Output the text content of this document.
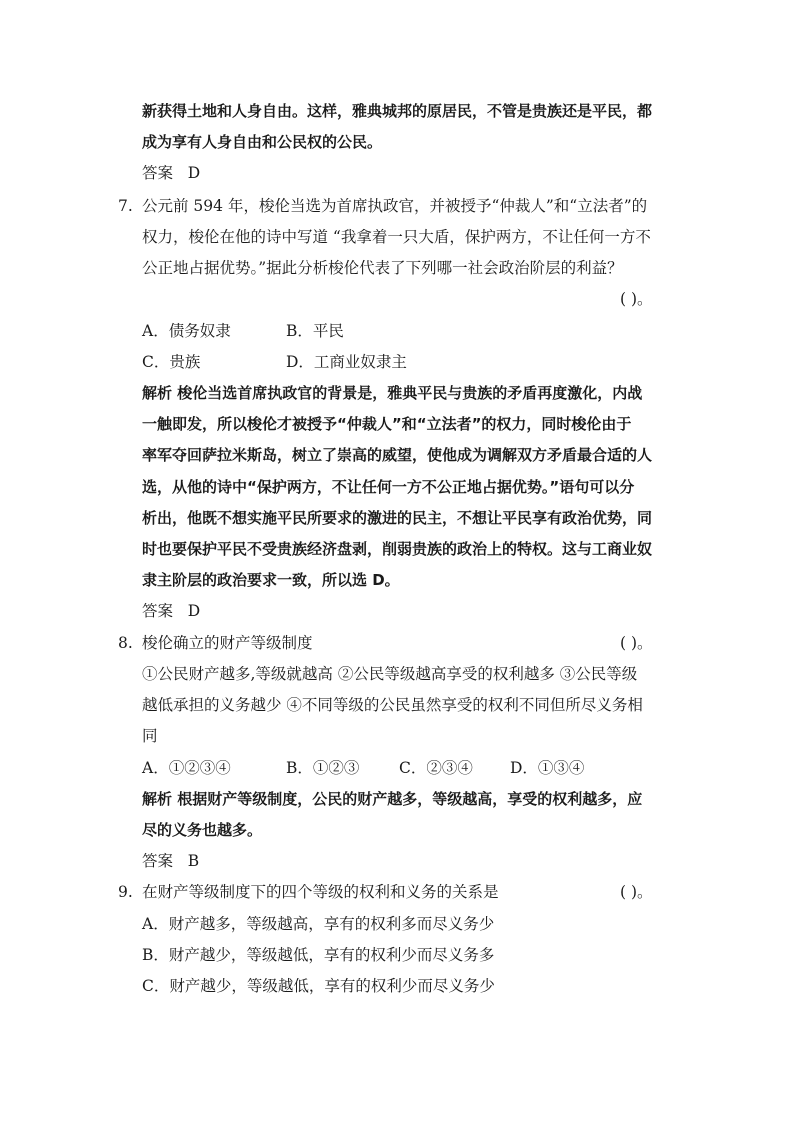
新获得土地和人身自由。这样，雅典城邦的原居民，不管是贵族还是平民，都
成为享有人身自由和公民权的公民。
答案 D
7. 公元前 594 年，梭伦当选为首席执政官，并被授予“仲裁人”和“立法者”的
权力，梭伦在他的诗中写道 “我拿着一只大盾，保护两方，不让任何一方不
公正地占据优势。”据此分析梭伦代表了下列哪一社会政治阶层的利益？
( )。
A．债务奴隶	B．平民
C．贵族	D．工商业奴隶主
解析 梭伦当选首席执政官的背景是，雅典平民与贵族的矛盾再度激化，内战
一触即发，所以梭伦才被授予“仲裁人”和“立法者”的权力，同时梭伦由于
率军夺回萨拉米斯岛，树立了崇高的威望，使他成为调解双方矛盾最合适的人
选，从他的诗中“保护两方，不让任何一方不公正地占据优势。”语句可以分
析出，他既不想实施平民所要求的激进的民主，不想让平民享有政治优势，同
时也要保护平民不受贵族经济盘剥，削弱贵族的政治上的特权。这与工商业奴
隶主阶层的政治要求一致，所以选 D。
答案 D
8. 梭伦确立的财产等级制度	( )。
①公民财产越多,等级就越高 ②公民等级越高享受的权利越多 ③公民等级
越低承担的义务越少 ④不同等级的公民虽然享受的权利不同但所尽义务相
同
A．①②③④	B．①②③	C．②③④ D．①③④
解析 根据财产等级制度，公民的财产越多，等级越高，享受的权利越多，应
尽的义务也越多。
答案 B
9. 在财产等级制度下的四个等级的权利和义务的关系是	( )。
A．财产越多，等级越高，享有的权利多而尽义务少
B．财产越少，等级越低，享有的权利少而尽义务多
C．财产越少，等级越低，享有的权利少而尽义务少
